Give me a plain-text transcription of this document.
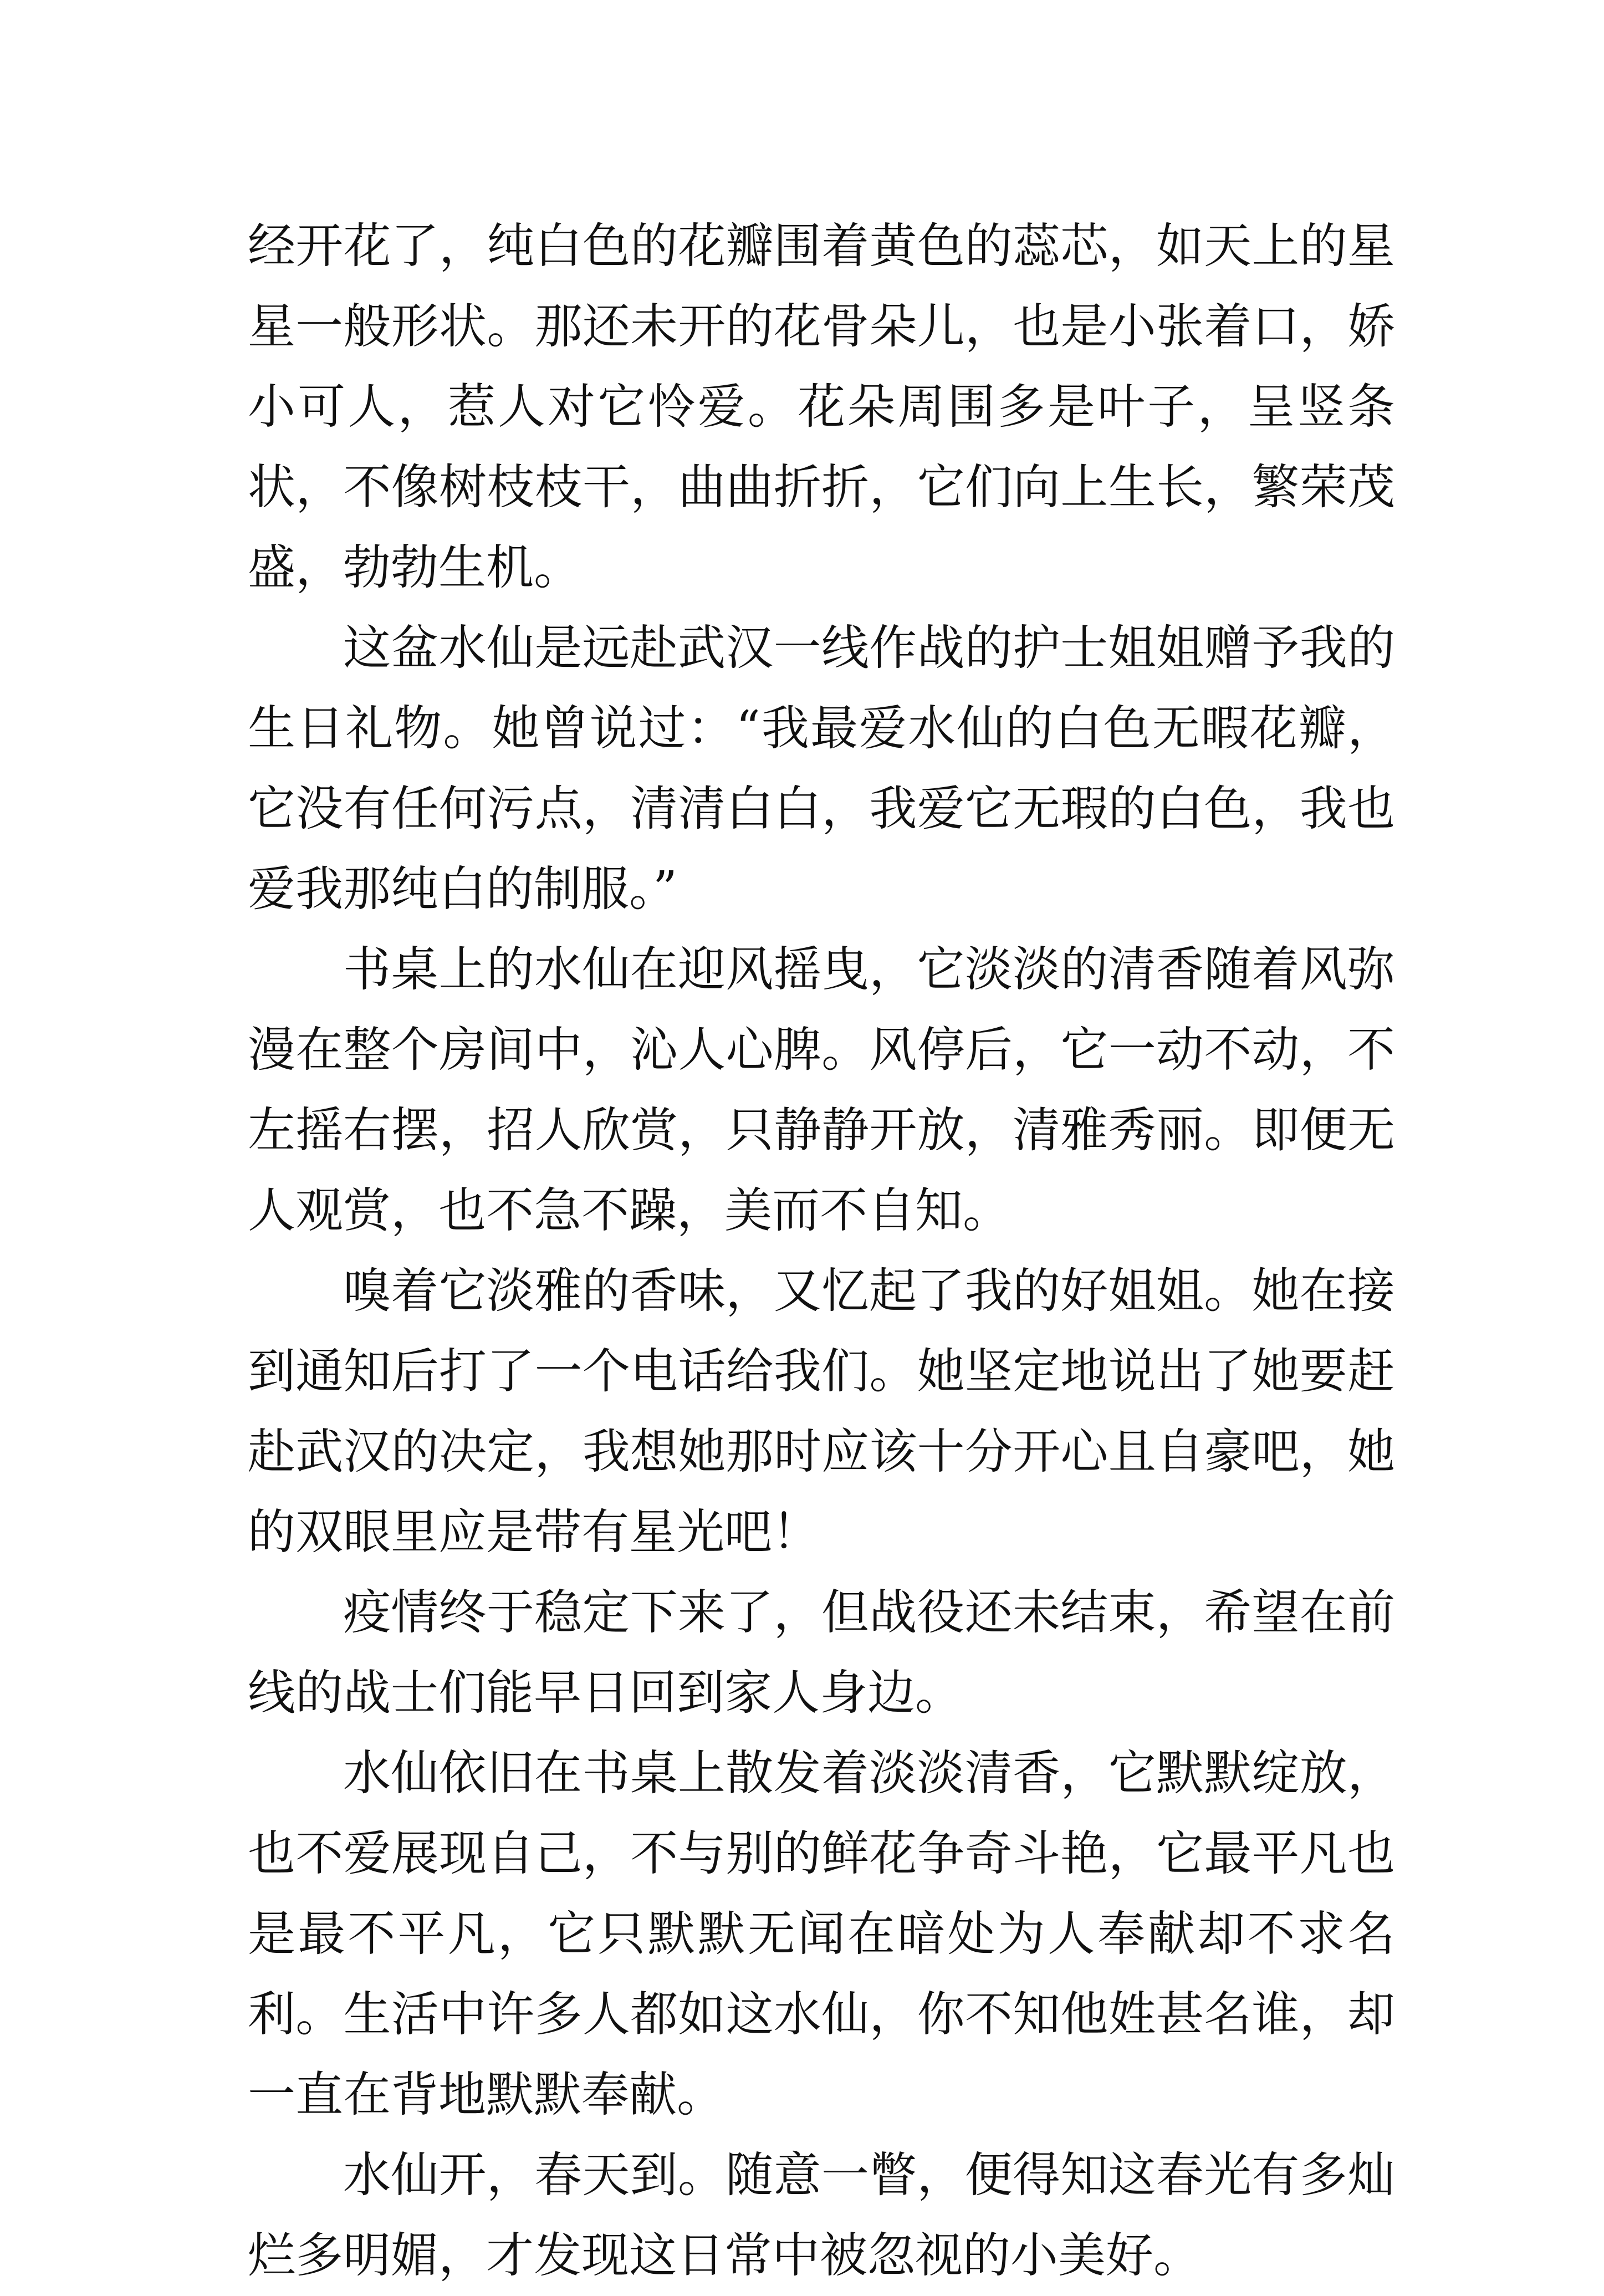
经开花了，纯白色的花瓣围着黄色的蕊芯，如天上的星星一般形状。那还未开的花骨朵儿，也是小张着口，娇小可人，惹人对它怜爱。花朵周围多是叶子，呈竖条状，不像树枝枝干，曲曲折折，它们向上生长，繁荣茂盛，勃勃生机。

这盆水仙是远赴武汉一线作战的护士姐姐赠予我的生日礼物。她曾说过：“我最爱水仙的白色无暇花瓣，它没有任何污点，清清白白，我爱它无瑕的白色，我也爱我那纯白的制服。”

书桌上的水仙在迎风摇曳，它淡淡的清香随着风弥漫在整个房间中，沁人心脾。风停后，它一动不动，不左摇右摆，招人欣赏，只静静开放，清雅秀丽。即便无人观赏，也不急不躁，美而不自知。

嗅着它淡雅的香味，又忆起了我的好姐姐。她在接到通知后打了一个电话给我们。她坚定地说出了她要赶赴武汉的决定，我想她那时应该十分开心且自豪吧，她的双眼里应是带有星光吧！

疫情终于稳定下来了，但战役还未结束，希望在前线的战士们能早日回到家人身边。

水仙依旧在书桌上散发着淡淡清香，它默默绽放，也不爱展现自己，不与别的鲜花争奇斗艳，它最平凡也是最不平凡，它只默默无闻在暗处为人奉献却不求名利。生活中许多人都如这水仙，你不知他姓甚名谁，却一直在背地默默奉献。

水仙开，春天到。随意一瞥，便得知这春光有多灿烂多明媚，才发现这日常中被忽视的小美好。
